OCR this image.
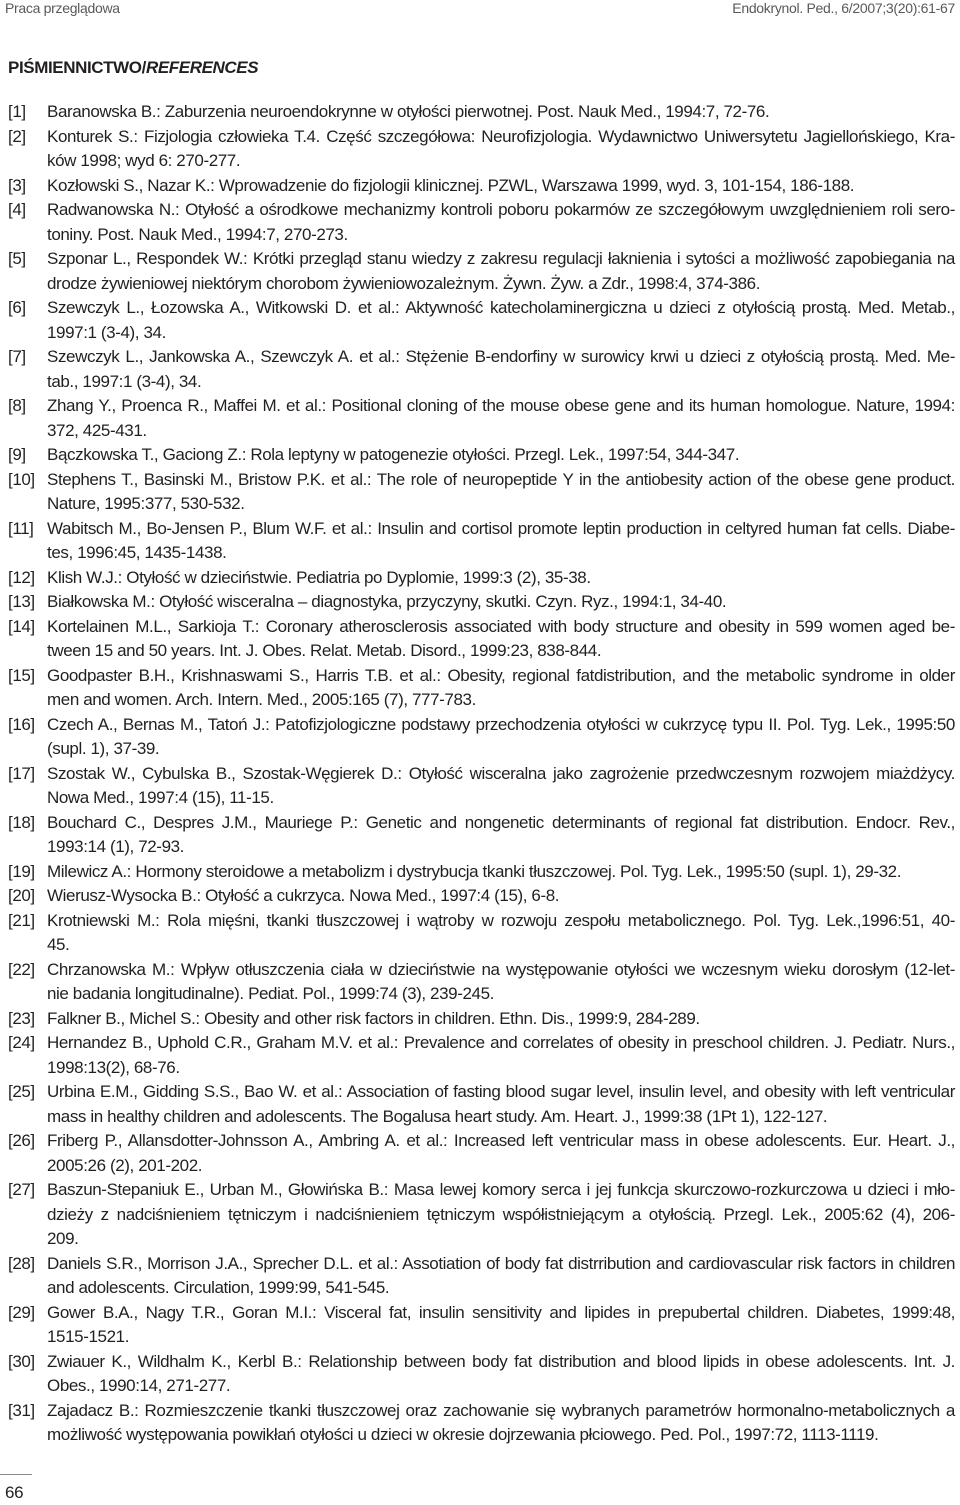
Praca przeglądowa	Endokrynol. Ped., 6/2007;3(20):61-67
PIŚMIENNICTWO/REFERENCES
[1]	Baranowska B.: Zaburzenia neuroendokrynne w otyłości pierwotnej. Post. Nauk Med., 1994:7, 72-76.
[2]	Konturek S.: Fizjologia człowieka T.4. Część szczegółowa: Neurofizjologia. Wydawnictwo Uniwersytetu Jagiellońskiego, Kra-
ków 1998; wyd 6: 270-277.
[3]	Kozłowski S., Nazar K.: Wprowadzenie do fizjologii klinicznej. PZWL, Warszawa 1999, wyd. 3, 101-154, 186-188.
[4]	Radwanowska N.: Otyłość a ośrodkowe mechanizmy kontroli poboru pokarmów ze szczegółowym uwzględnieniem roli sero-
toniny. Post. Nauk Med., 1994:7, 270-273.
[5]	Szponar L., Respondek W.: Krótki przegląd stanu wiedzy z zakresu regulacji łaknienia i sytości a możliwość zapobiegania na
drodze żywieniowej niektórym chorobom żywieniowozależnym. Żywn. Żyw. a Zdr., 1998:4, 374-386.
[6]	Szewczyk L., Łozowska A., Witkowski D. et al.: Aktywność katecholaminergiczna u dzieci z otyłością prostą. Med. Metab.,
1997:1 (3-4), 34.
[7]	Szewczyk L., Jankowska A., Szewczyk A. et al.: Stężenie B-endorfiny w surowicy krwi u dzieci z otyłością prostą. Med. Me-
tab., 1997:1 (3-4), 34.
[8]	Zhang Y., Proenca R., Maffei M. et al.: Positional cloning of the mouse obese gene and its human homologue. Nature, 1994:
372, 425-431.
[9]	Bączkowska T., Gaciong Z.: Rola leptyny w patogenezie otyłości. Przegl. Lek., 1997:54, 344-347.
[10] Stephens T., Basinski M., Bristow P.K. et al.: The role of neuropeptide Y in the antiobesity action of the obese gene product.
Nature, 1995:377, 530-532.
[11] Wabitsch M., Bo-Jensen P., Blum W.F. et al.: Insulin and cortisol promote leptin production in celtyred human fat cells. Diabe-
tes, 1996:45, 1435-1438.
[12] Klish W.J.: Otyłość w dzieciństwie. Pediatria po Dyplomie, 1999:3 (2), 35-38.
[13] Białkowska M.: Otyłość wisceralna – diagnostyka, przyczyny, skutki. Czyn. Ryz., 1994:1, 34-40.
[14] Kortelainen M.L., Sarkioja T.: Coronary atherosclerosis associated with body structure and obesity in 599 women aged be-
tween 15 and 50 years. Int. J. Obes. Relat. Metab. Disord., 1999:23, 838-844.
[15] Goodpaster B.H., Krishnaswami S., Harris T.B. et al.: Obesity, regional fatdistribution, and the metabolic syndrome in older
men and women. Arch. Intern. Med., 2005:165 (7), 777-783.
[16] Czech A., Bernas M., Tatoń J.: Patofizjologiczne podstawy przechodzenia otyłości w cukrzycę typu II. Pol. Tyg. Lek., 1995:50
(supl. 1), 37-39.
[17] Szostak W., Cybulska B., Szostak-Węgierek D.: Otyłość wisceralna jako zagrożenie przedwczesnym rozwojem miażdżycy.
Nowa Med., 1997:4 (15), 11-15.
[18] Bouchard C., Despres J.M., Mauriege P.: Genetic and nongenetic determinants of regional fat distribution. Endocr. Rev.,
1993:14 (1), 72-93.
[19] Milewicz A.: Hormony steroidowe a metabolizm i dystrybucja tkanki tłuszczowej. Pol. Tyg. Lek., 1995:50 (supl. 1), 29-32.
[20] Wierusz-Wysocka B.: Otyłość a cukrzyca. Nowa Med., 1997:4 (15), 6-8.
[21] Krotniewski M.: Rola mięśni, tkanki tłuszczowej i wątroby w rozwoju zespołu metabolicznego. Pol. Tyg. Lek.,1996:51, 40-
45.
[22] Chrzanowska M.: Wpływ otłuszczenia ciała w dzieciństwie na występowanie otyłości we wczesnym wieku dorosłym (12-let-
nie badania longitudinalne). Pediat. Pol., 1999:74 (3), 239-245.
[23] Falkner B., Michel S.: Obesity and other risk factors in children. Ethn. Dis., 1999:9, 284-289.
[24] Hernandez B., Uphold C.R., Graham M.V. et al.: Prevalence and correlates of obesity in preschool children. J. Pediatr. Nurs.,
1998:13(2), 68-76.
[25] Urbina E.M., Gidding S.S., Bao W. et al.: Association of fasting blood sugar level, insulin level, and obesity with left ventricular
mass in healthy children and adolescents. The Bogalusa heart study. Am. Heart. J., 1999:38 (1Pt 1), 122-127.
[26] Friberg P., Allansdotter-Johnsson A., Ambring A. et al.: Increased left ventricular mass in obese adolescents. Eur. Heart. J.,
2005:26 (2), 201-202.
[27] Baszun-Stepaniuk E., Urban M., Głowińska B.: Masa lewej komory serca i jej funkcja skurczowo-rozkurczowa u dzieci i mło-
dzieży z nadciśnieniem tętniczym i nadciśnieniem tętniczym współistniejącym a otyłością. Przegl. Lek., 2005:62 (4), 206-
209.
[28] Daniels S.R., Morrison J.A., Sprecher D.L. et al.: Assotiation of body fat distrribution and cardiovascular risk factors in children
and adolescents. Circulation, 1999:99, 541-545.
[29] Gower B.A., Nagy T.R., Goran M.I.: Visceral fat, insulin sensitivity and lipides in prepubertal children. Diabetes, 1999:48,
1515-1521.
[30] Zwiauer K., Wildhalm K., Kerbl B.: Relationship between body fat distribution and blood lipids in obese adolescents. Int. J.
Obes., 1990:14, 271-277.
[31] Zajadacz B.: Rozmieszczenie tkanki tłuszczowej oraz zachowanie się wybranych parametrów hormonalno-metabolicznych a
możliwość występowania powikłań otyłości u dzieci w okresie dojrzewania płciowego. Ped. Pol., 1997:72, 1113-1119.
66
